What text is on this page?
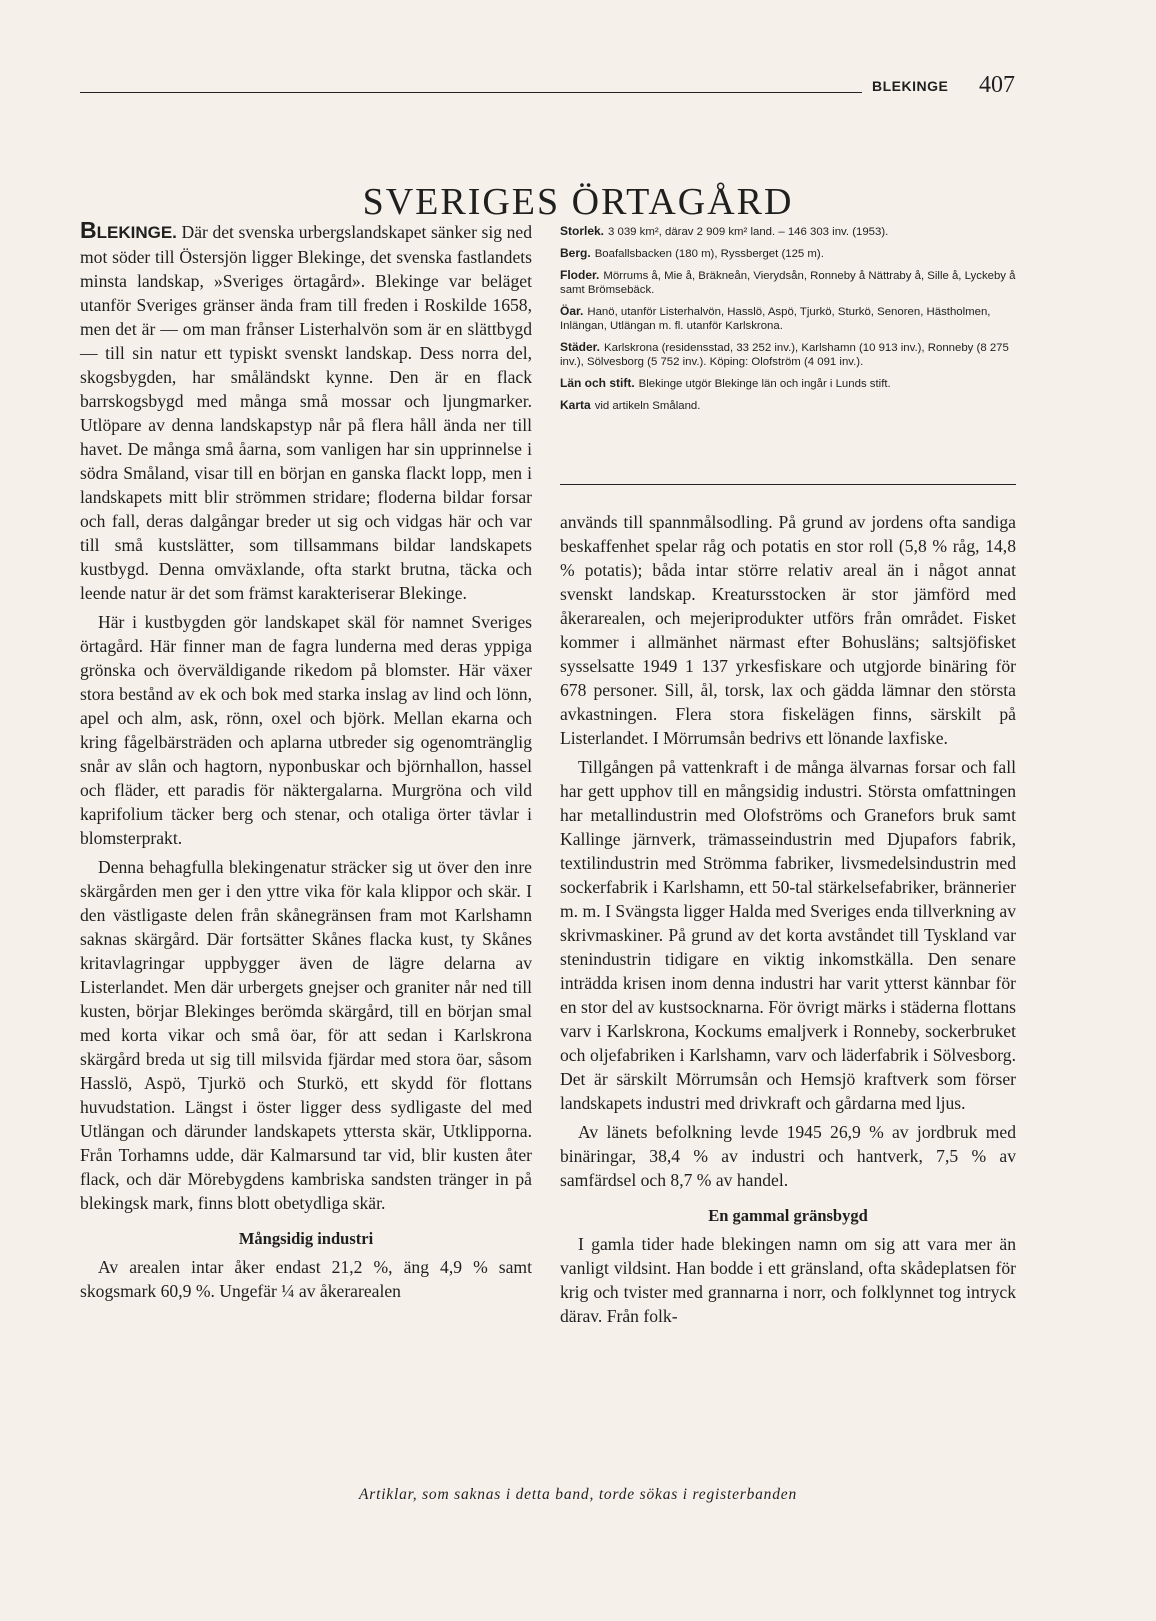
BLEKINGE 407
SVERIGES ÖRTAGÅRD

BLEKINGE. Där det svenska urbergslandskapet sänker sig ned mot söder till Östersjön ligger Blekinge, det svenska fastlandets minsta landskap, »Sveriges örtagård». Blekinge var beläget utanför Sveriges gränser ända fram till freden i Roskilde 1658, men det är — om man frånser Listerhalvön som är en slättbygd — till sin natur ett typiskt svenskt landskap. Dess norra del, skogsbygden, har småländskt kynne. Den är en flack barrskogsbygd med många små mossar och ljungmarker. Utlöpare av denna landskapstyp når på flera håll ända ner till havet. De många små åarna, som vanligen har sin upprinnelse i södra Småland, visar till en början en ganska flackt lopp, men i landskapets mitt blir strömmen stridare; floderna bildar forsar och fall, deras dalgångar breder ut sig och vidgas här och var till små kustslätter, som tillsammans bildar landskapets kustbygd. Denna omväxlande, ofta starkt brutna, täcka och leende natur är det som främst karakteriserar Blekinge.

Här i kustbygden gör landskapet skäl för namnet Sveriges örtagård. Här finner man de fagra lunderna med deras yppiga grönska och överväldigande rikedom på blomster. Här växer stora bestånd av ek och bok med starka inslag av lind och lönn, apel och alm, ask, rönn, oxel och björk. Mellan ekarna och kring fågelbärsträden och aplarna utbreder sig ogenomtränglig snår av slån och hagtorn, nyponbuskar och björnhallon, hassel och fläder, ett paradis för näktergalarna. Murgröna och vild kaprifolium täcker berg och stenar, och otaliga örter tävlar i blomsterprakt.

Denna behagfulla blekingenatur sträcker sig ut över den inre skärgården men ger i den yttre vika för kala klippor och skär. I den västligaste delen från skånegränsen fram mot Karlshamn saknas skärgård. Där fortsätter Skånes flacka kust, ty Skånes kritavlagringar uppbygger även de lägre delarna av Listerlandet. Men där urbergets gnejser och graniter når ned till kusten, börjar Blekinges berömda skärgård, till en början smal med korta vikar och små öar, för att sedan i Karlskrona skärgård breda ut sig till milsvida fjärdar med stora öar, såsom Hasslö, Aspö, Tjurkö och Sturkö, ett skydd för flottans huvudstation. Längst i öster ligger dess sydligaste del med Utlängan och därunder landskapets yttersta skär, Utklipporna. Från Torhamns udde, där Kalmarsund tar vid, blir kusten åter flack, och där Mörebygdens kambriska sandsten tränger in på blekingsk mark, finns blott obetydliga skär.

Mångsidig industri

Av arealen intar åker endast 21,2 %, äng 4,9 % samt skogsmark 60,9 %. Ungefär ¼ av åkerarealen

Storlek. 3 039 km², därav 2 909 km² land. – 146 303 inv. (1953).
Berg. Boafallsbacken (180 m), Ryssberget (125 m).
Floder. Mörrums å, Mie å, Bräkneån, Vierydsån, Ronneby å Nättraby å, Sille å, Lyckeby å samt Brömsebäck.
Öar. Hanö, utanför Listerhalvön, Hasslö, Aspö, Tjurkö, Sturkö, Senoren, Hästholmen, Inlängan, Utlängan m. fl. utanför Karlskrona.
Städer. Karlskrona (residensstad, 33 252 inv.), Karlshamn (10 913 inv.), Ronneby (8 275 inv.), Sölvesborg (5 752 inv.). Köping: Olofström (4 091 inv.).
Län och stift. Blekinge utgör Blekinge län och ingår i Lunds stift.
Karta vid artikeln Småland.

används till spannmålsodling. På grund av jordens ofta sandiga beskaffenhet spelar råg och potatis en stor roll (5,8 % råg, 14,8 % potatis); båda intar större relativ areal än i något annat svenskt landskap. Kreatursstocken är stor jämförd med åkerarealen, och mejeriprodukter utförs från området. Fisket kommer i allmänhet närmast efter Bohusläns; saltsjöfisket sysselsatte 1949 1 137 yrkesfiskare och utgjorde binäring för 678 personer. Sill, ål, torsk, lax och gädda lämnar den största avkastningen. Flera stora fiskelägen finns, särskilt på Listerlandet. I Mörrumsån bedrivs ett lönande laxfiske.

Tillgången på vattenkraft i de många älvarnas forsar och fall har gett upphov till en mångsidig industri. Största omfattningen har metallindustrin med Olofströms och Granefors bruk samt Kallinge järnverk, trämasseindustrin med Djupafors fabrik, textilindustrin med Strömma fabriker, livsmedelsindustrin med sockerfabrik i Karlshamn, ett 50-tal stärkelsefabriker, brännerier m. m. I Svängsta ligger Halda med Sveriges enda tillverkning av skrivmaskiner. På grund av det korta avståndet till Tyskland var stenindustrin tidigare en viktig inkomstkälla. Den senare inträdda krisen inom denna industri har varit ytterst kännbar för en stor del av kustsocknarna. För övrigt märks i städerna flottans varv i Karlskrona, Kockums emaljverk i Ronneby, sockerbruket och oljefabriken i Karlshamn, varv och läderfabrik i Sölvesborg. Det är särskilt Mörrumsån och Hemsjö kraftverk som förser landskapets industri med drivkraft och gårdarna med ljus.

Av länets befolkning levde 1945 26,9 % av jordbruk med binäringar, 38,4 % av industri och hantverk, 7,5 % av samfärdsel och 8,7 % av handel.

En gammal gränsbygd

I gamla tider hade blekingen namn om sig att vara mer än vanligt vildsint. Han bodde i ett gränsland, ofta skådeplatsen för krig och tvister med grannarna i norr, och folklynnet tog intryck därav. Från folk-

Artiklar, som saknas i detta band, torde sökas i registerbanden
